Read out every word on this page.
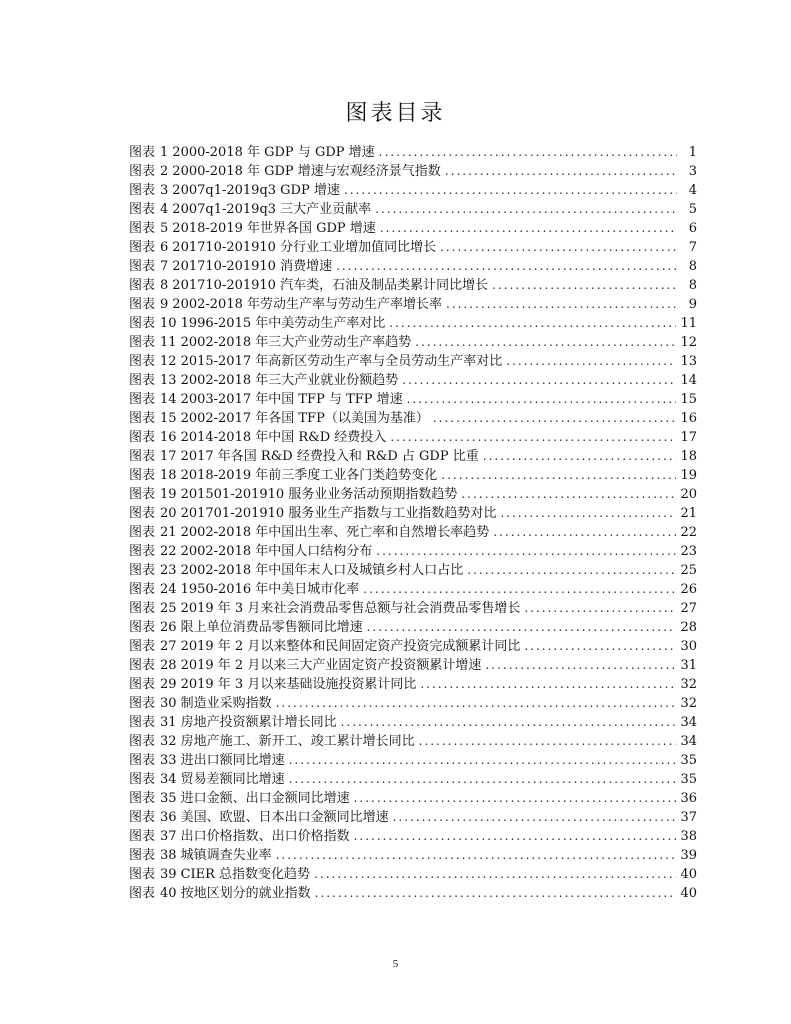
图表目录
图表 1 2000-2018 年 GDP 与 GDP 增速 .....	1
图表 2 2000-2018 年 GDP 增速与宏观经济景气指数 .....	3
图表 3 2007q1-2019q3 GDP 增速 .....	4
图表 4 2007q1-2019q3 三大产业贡献率 .....	5
图表 5 2018-2019 年世界各国 GDP 增速 .....	6
图表 6 201710-201910 分行业工业增加值同比增长 .....	7
图表 7 201710-201910 消费增速 .....	8
图表 8 201710-201910 汽车类，石油及制品类累计同比增长 .....	8
图表 9 2002-2018 年劳动生产率与劳动生产率增长率 .....	9
图表 10 1996-2015 年中美劳动生产率对比 .....	11
图表 11 2002-2018 年三大产业劳动生产率趋势 .....	12
图表 12 2015-2017 年高新区劳动生产率与全员劳动生产率对比 .....	13
图表 13 2002-2018 年三大产业就业份额趋势 .....	14
图表 14 2003-2017 年中国 TFP 与 TFP 增速 .....	15
图表 15 2002-2017 年各国 TFP（以美国为基准） .....	16
图表 16 2014-2018 年中国 R&D 经费投入 .....	17
图表 17 2017 年各国 R&D 经费投入和 R&D 占 GDP 比重 .....	18
图表 18 2018-2019 年前三季度工业各门类趋势变化 .....	19
图表 19 201501-201910 服务业业务活动预期指数趋势 .....	20
图表 20 201701-201910 服务业生产指数与工业指数趋势对比 .....	21
图表 21 2002-2018 年中国出生率、死亡率和自然增长率趋势 .....	22
图表 22 2002-2018 年中国人口结构分布 .....	23
图表 23 2002-2018 年中国年末人口及城镇乡村人口占比 .....	25
图表 24 1950-2016 年中美日城市化率 .....	26
图表 25 2019 年 3 月来社会消费品零售总额与社会消费品零售增长 .....	27
图表 26 限上单位消费品零售额同比增速 .....	28
图表 27 2019 年 2 月以来整体和民间固定资产投资完成额累计同比 .....	30
图表 28 2019 年 2 月以来三大产业固定资产投资额累计增速 .....	31
图表 29 2019 年 3 月以来基础设施投资累计同比 .....	32
图表 30 制造业采购指数 .....	32
图表 31 房地产投资额累计增长同比 .....	34
图表 32 房地产施工、新开工、竣工累计增长同比 .....	34
图表 33 进出口额同比增速 .....	35
图表 34 贸易差额同比增速 .....	35
图表 35 进口金额、出口金额同比增速 .....	36
图表 36 美国、欧盟、日本出口金额同比增速 .....	37
图表 37 出口价格指数、出口价格指数 .....	38
图表 38 城镇调查失业率 .....	39
图表 39 CIER 总指数变化趋势 .....	40
图表 40 按地区划分的就业指数 .....	40
5
